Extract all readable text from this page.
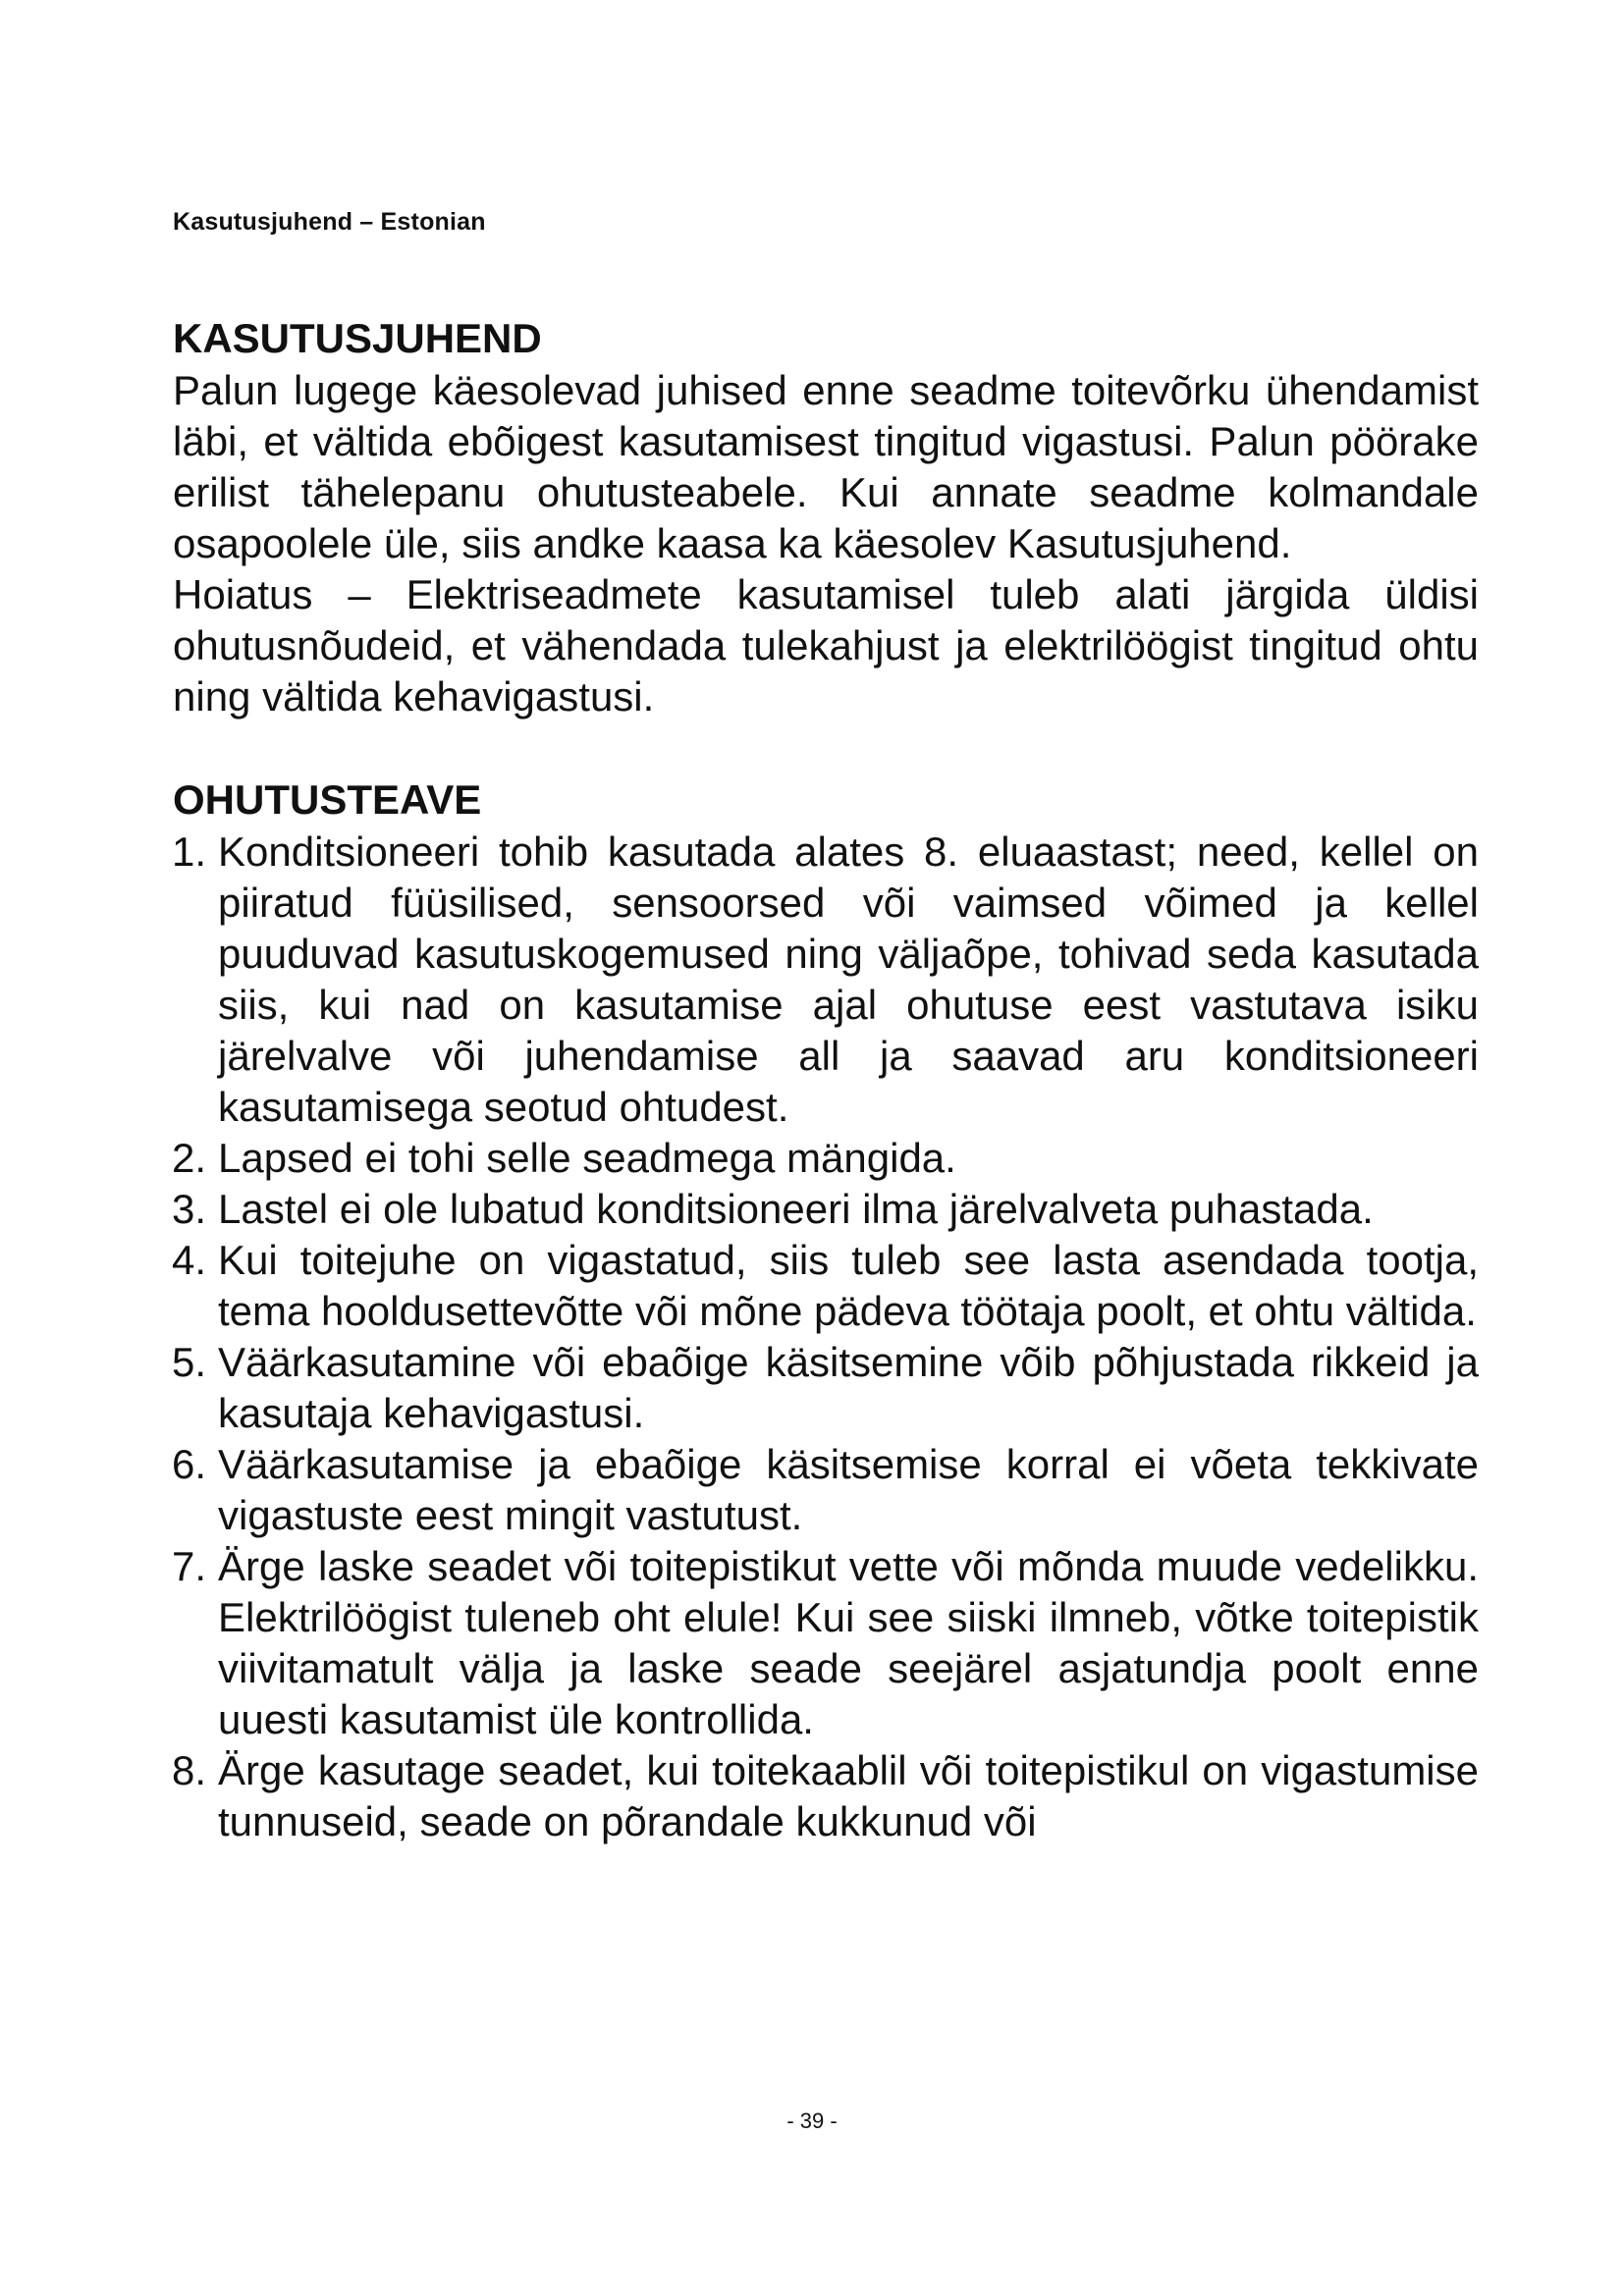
Kasutusjuhend – Estonian
KASUTUSJUHEND

Palun lugege käesolevad juhised enne seadme toitevõrku ühendamist läbi, et vältida ebõigest kasutamisest tingitud vigastusi. Palun pöörake erilist tähelepanu ohutusteabele. Kui annate seadme kolmandale osapoolele üle, siis andke kaasa ka käesolev Kasutusjuhend.

Hoiatus – Elektriseadmete kasutamisel tuleb alati järgida üldisi ohutusnõudeid, et vähendada tulekahjust ja elektrilöögist tingitud ohtu ning vältida kehavigastusi.

OHUTUSTEAVE
1. Konditsioneeri tohib kasutada alates 8. eluaastast; need, kellel on piiratud füüsilised, sensoorsed või vaimsed võimed ja kellel puuduvad kasutuskogemused ning väljaõpe, tohivad seda kasutada siis, kui nad on kasutamise ajal ohutuse eest vastutava isiku järelvalve või juhendamise all ja saavad aru konditsioneeri kasutamisega seotud ohtudest.
2. Lapsed ei tohi selle seadmega mängida.
3. Lastel ei ole lubatud konditsioneeri ilma järelvalveta puhastada.
4. Kui toitejuhe on vigastatud, siis tuleb see lasta asendada tootja, tema hooldusettevõtte või mõne pädeva töötaja poolt, et ohtu vältida.
5. Väärkasutamine või ebaõige käsitsemine võib põhjustada rikkeid ja kasutaja kehavigastusi.
6. Väärkasutamise ja ebaõige käsitsemise korral ei võeta tekkivate vigastuste eest mingit vastutust.
7. Ärge laske seadet või toitepistikut vette või mõnda muude vedelikku. Elektrilöögist tuleneb oht elule! Kui see siiski ilmneb, võtke toitepistik viivitamatult välja ja laske seade seejärel asjatundja poolt enne uuesti kasutamist üle kontrollida.
8. Ärge kasutage seadet, kui toitekaablil või toitepistikul on vigastumise tunnuseid, seade on põrandale kukkunud või
- 39 -
